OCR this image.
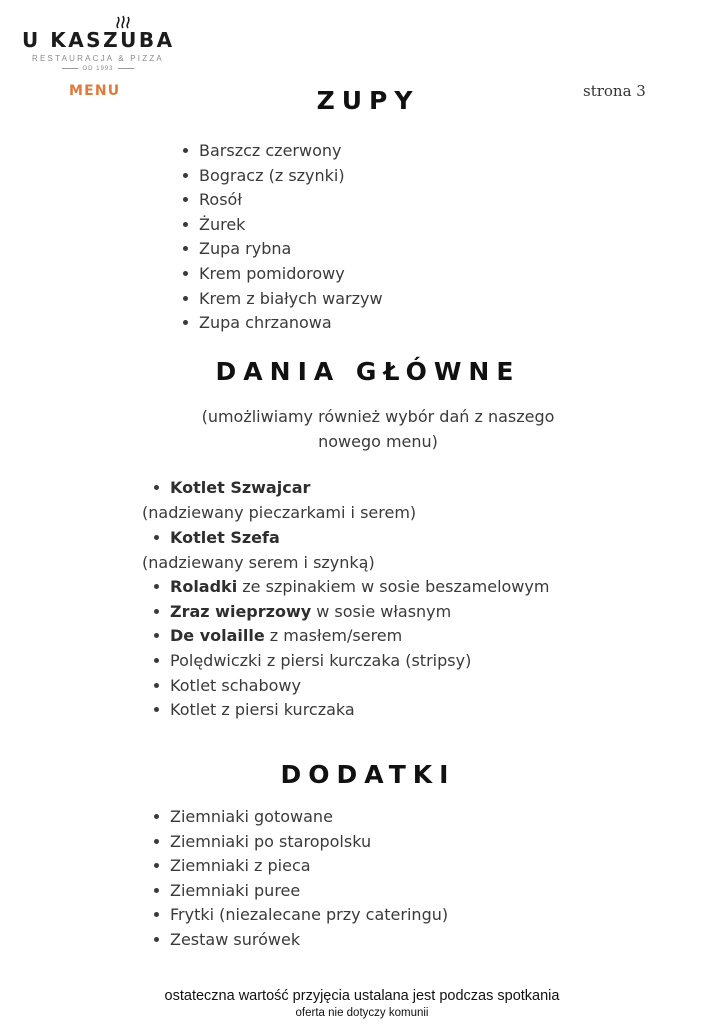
U KASZUBA
RESTAURACJA & PIZZA
OD 1993
MENU	strona 3
ZUPY
Barszcz czerwony
Bogracz (z szynki)
Rosół
Żurek
Zupa rybna
Krem pomidorowy
Krem z białych warzyw
Zupa chrzanowa
DANIA GŁÓWNE
(umożliwiamy również wybór dań z naszego
nowego menu)
Kotlet Szwajcar
(nadziewany pieczarkami i serem)
Kotlet Szefa
(nadziewany serem i szynką)
Roladki ze szpinakiem w sosie beszamelowym
Zraz wieprzowy w sosie własnym
De volaille z masłem/serem
Polędwiczki z piersi kurczaka (stripsy)
Kotlet schabowy
Kotlet z piersi kurczaka
DODATKI
Ziemniaki gotowane
Ziemniaki po staropolsku
Ziemniaki z pieca
Ziemniaki puree
Frytki (niezalecane przy cateringu)
Zestaw surówek
ostateczna wartość przyjęcia ustalana jest podczas spotkania
oferta nie dotyczy komunii
